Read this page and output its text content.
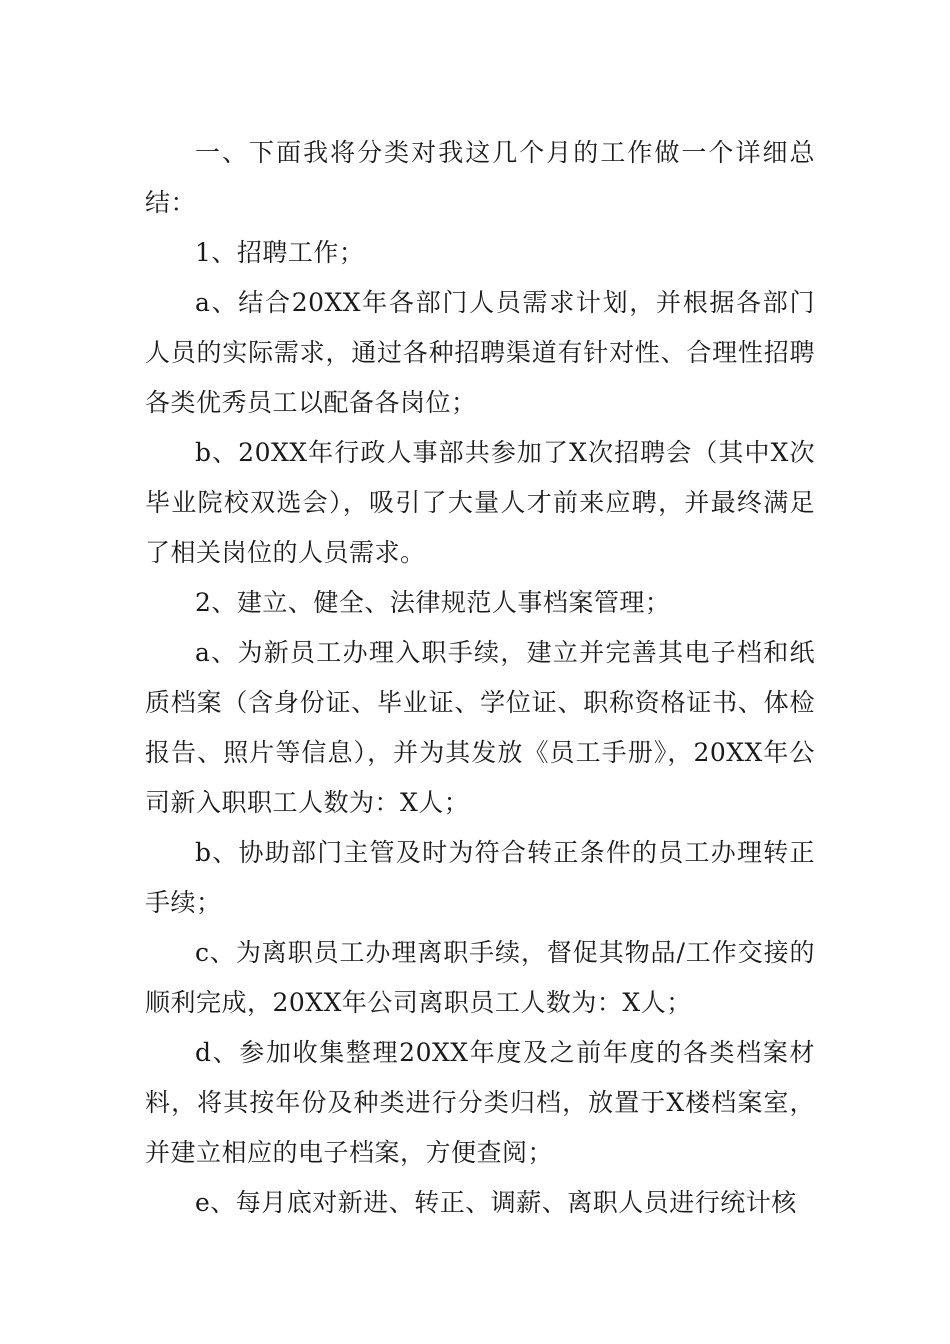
一、下面我将分类对我这几个月的工作做一个详细总结：

1、招聘工作；

a、结合20XX年各部门人员需求计划，并根据各部门人员的实际需求，通过各种招聘渠道有针对性、合理性招聘各类优秀员工以配备各岗位；

b、20XX年行政人事部共参加了X次招聘会（其中X次毕业院校双选会），吸引了大量人才前来应聘，并最终满足了相关岗位的人员需求。

2、建立、健全、法律规范人事档案管理；

a、为新员工办理入职手续，建立并完善其电子档和纸质档案（含身份证、毕业证、学位证、职称资格证书、体检报告、照片等信息），并为其发放《员工手册》，20XX年公司新入职职工人数为：X人；

b、协助部门主管及时为符合转正条件的员工办理转正手续；

c、为离职员工办理离职手续，督促其物品/工作交接的顺利完成，20XX年公司离职员工人数为：X人；

d、参加收集整理20XX年度及之前年度的各类档案材料，将其按年份及种类进行分类归档，放置于X楼档案室，并建立相应的电子档案，方便查阅；

e、每月底对新进、转正、调薪、离职人员进行统计核
